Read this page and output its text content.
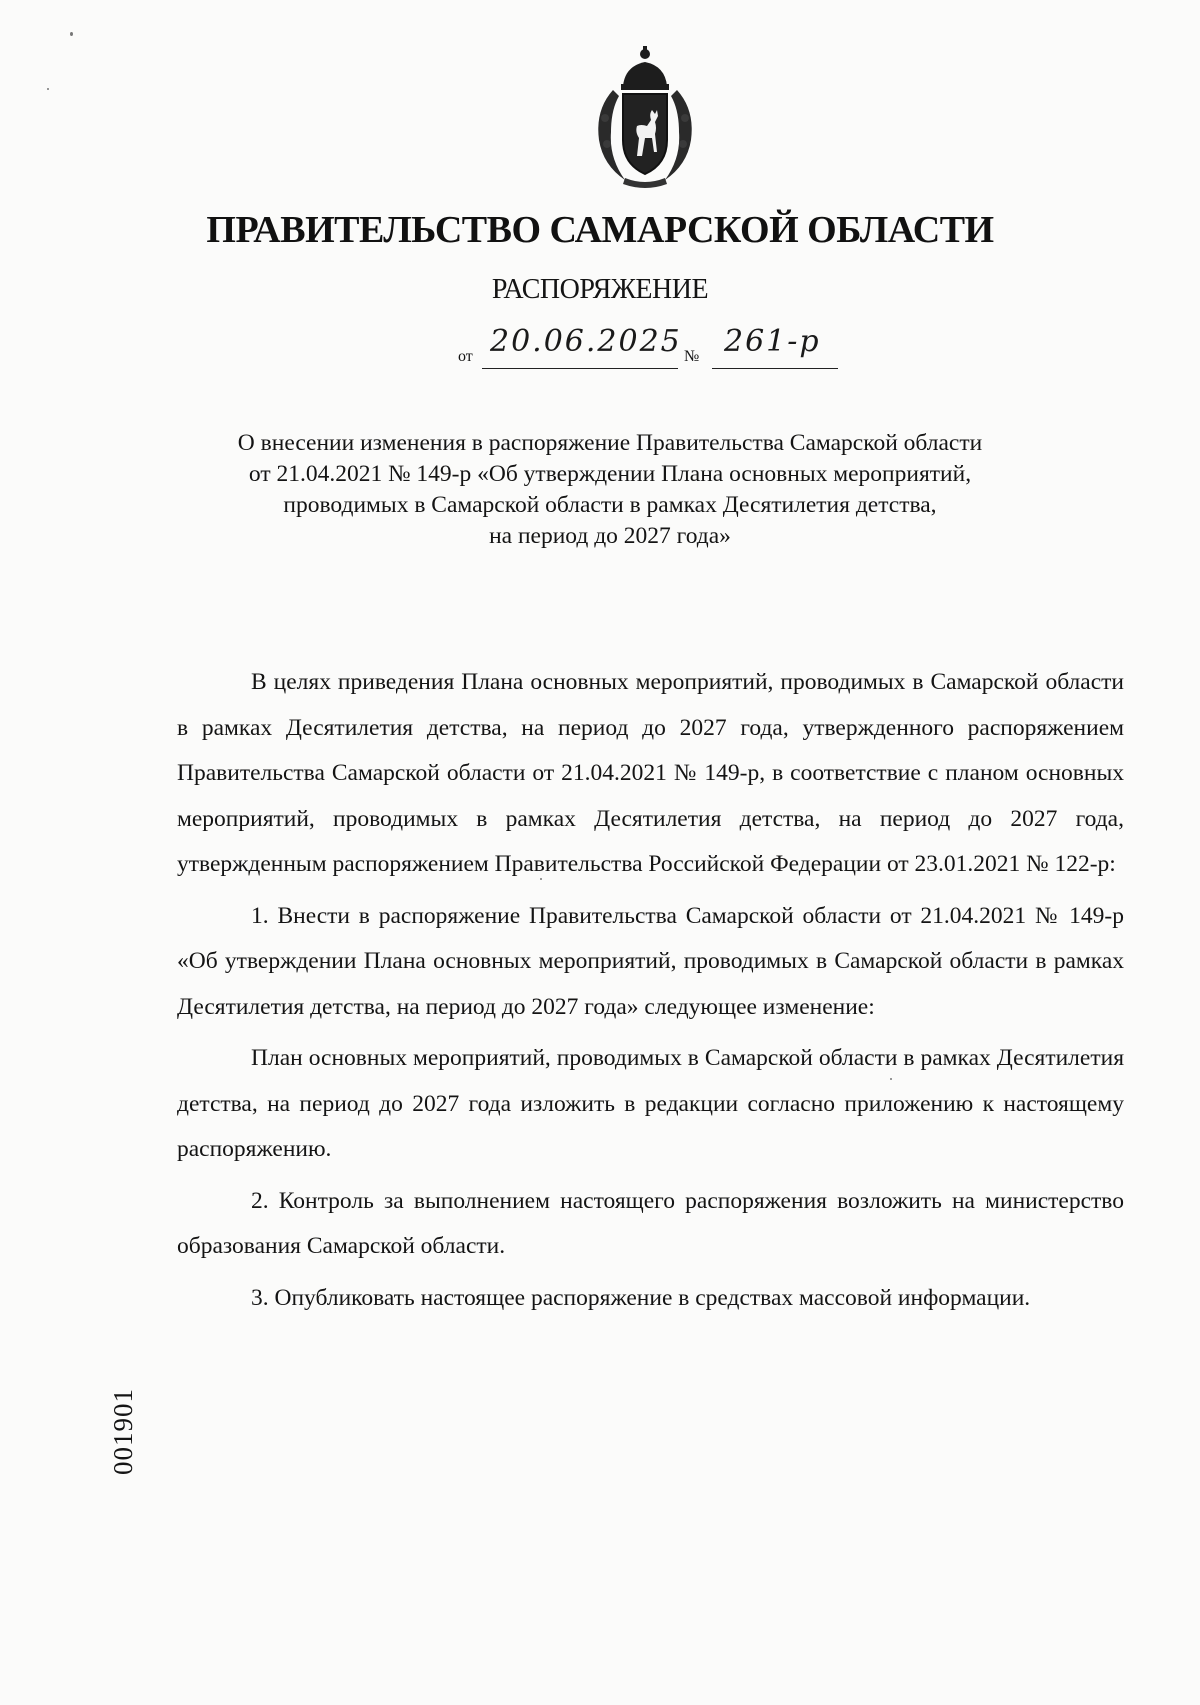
ПРАВИТЕЛЬСТВО САМАРСКОЙ ОБЛАСТИ
РАСПОРЯЖЕНИЕ
от 20.06.2025 № 261-р
О внесении изменения в распоряжение Правительства Самарской области
от 21.04.2021 № 149-р «Об утверждении Плана основных мероприятий,
проводимых в Самарской области в рамках Десятилетия детства,
на период до 2027 года»

В целях приведения Плана основных мероприятий, проводимых в Самарской области в рамках Десятилетия детства, на период до 2027 года, утвержденного распоряжением Правительства Самарской области от 21.04.2021 № 149-р, в соответствие с планом основных мероприятий, проводимых в рамках Десятилетия детства, на период до 2027 года, утвержденным распоряжением Правительства Российской Федерации от 23.01.2021 № 122-р:

1. Внести в распоряжение Правительства Самарской области от 21.04.2021 № 149-р «Об утверждении Плана основных мероприятий, проводимых в Самарской области в рамках Десятилетия детства, на период до 2027 года» следующее изменение:

План основных мероприятий, проводимых в Самарской области в рамках Десятилетия детства, на период до 2027 года изложить в редакции согласно приложению к настоящему распоряжению.

2. Контроль за выполнением настоящего распоряжения возложить на министерство образования Самарской области.

3. Опубликовать настоящее распоряжение в средствах массовой информации.

001901
